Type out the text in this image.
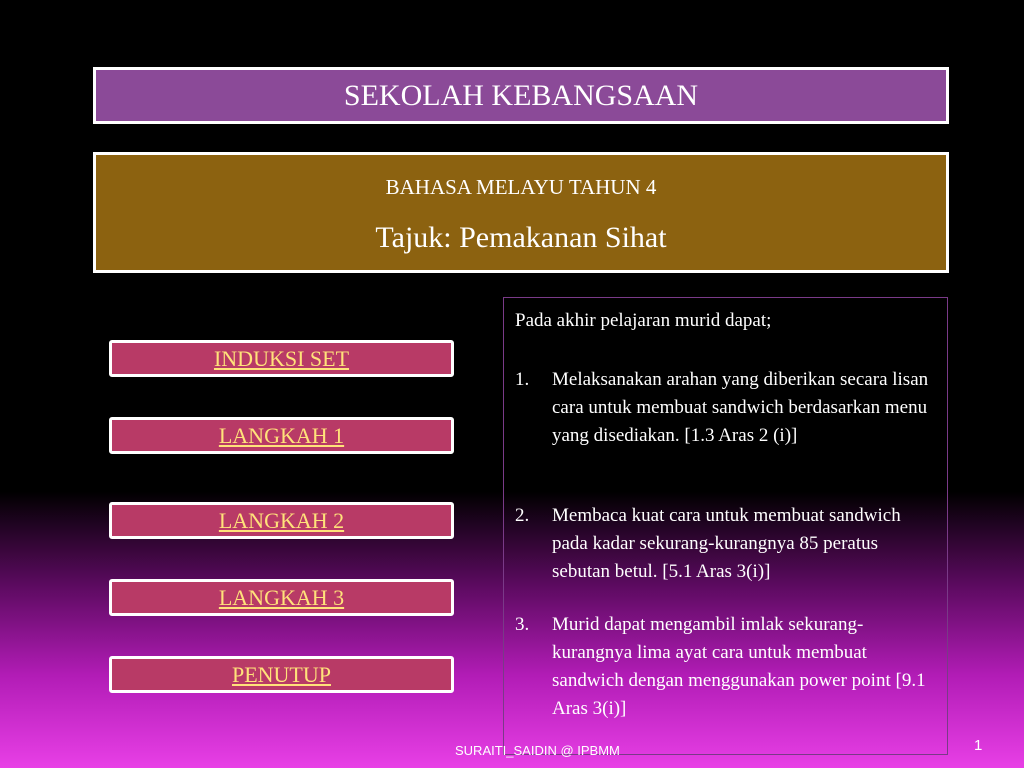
SEKOLAH KEBANGSAAN
BAHASA MELAYU TAHUN 4
Tajuk: Pemakanan Sihat
INDUKSI SET
LANGKAH 1
LANGKAH 2
LANGKAH 3
PENUTUP
Pada akhir pelajaran murid dapat;
1. Melaksanakan arahan yang diberikan secara lisan cara untuk membuat sandwich berdasarkan menu yang disediakan. [1.3 Aras 2 (i)]
2. Membaca kuat cara untuk membuat sandwich pada kadar sekurang-kurangnya 85 peratus sebutan betul. [5.1 Aras 3(i)]
3. Murid dapat mengambil imlak sekurang-kurangnya lima ayat cara untuk membuat sandwich dengan menggunakan power point [9.1 Aras 3(i)]
SURAITI_SAIDIN @ IPBMM	1
